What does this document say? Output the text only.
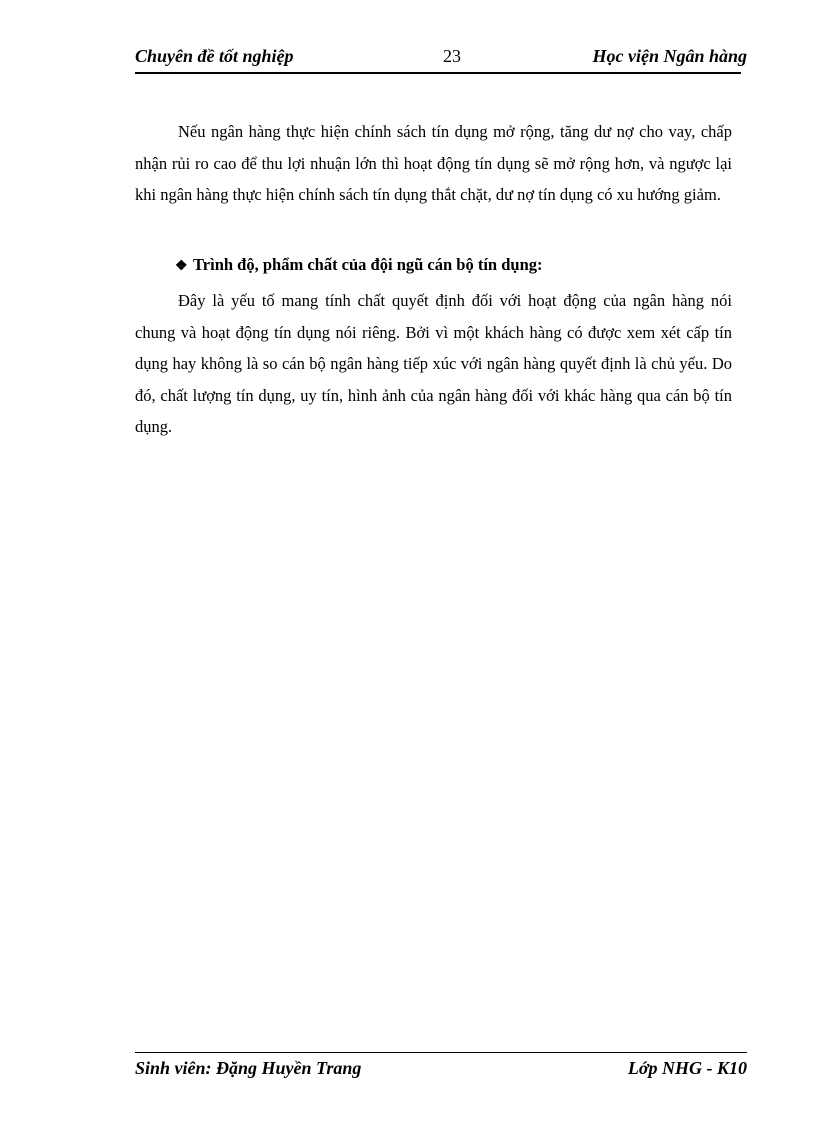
Chuyên đề tốt nghiệp	23	Học viện Ngân hàng

Nếu ngân hàng thực hiện chính sách tín dụng mở rộng, tăng dư nợ cho vay, chấp nhận rủi ro cao để thu lợi nhuận lớn thì hoạt động tín dụng sẽ mở rộng hơn, và ngược lại khi ngân hàng thực hiện chính sách tín dụng thắt chặt, dư nợ tín dụng có xu hướng giảm.

❖ Trình độ, phẩm chất của đội ngũ cán bộ tín dụng:

Đây là yếu tố mang tính chất quyết định đối với hoạt động của ngân hàng nói chung và hoạt động tín dụng nói riêng. Bởi vì một khách hàng có được xem xét cấp tín dụng hay không là so cán bộ ngân hàng tiếp xúc với ngân hàng quyết định là chủ yếu. Do đó, chất lượng tín dụng, uy tín, hình ảnh của ngân hàng đối với khác hàng qua cán bộ tín dụng.

Sinh viên: Đặng Huyền Trang	Lớp NHG - K10
